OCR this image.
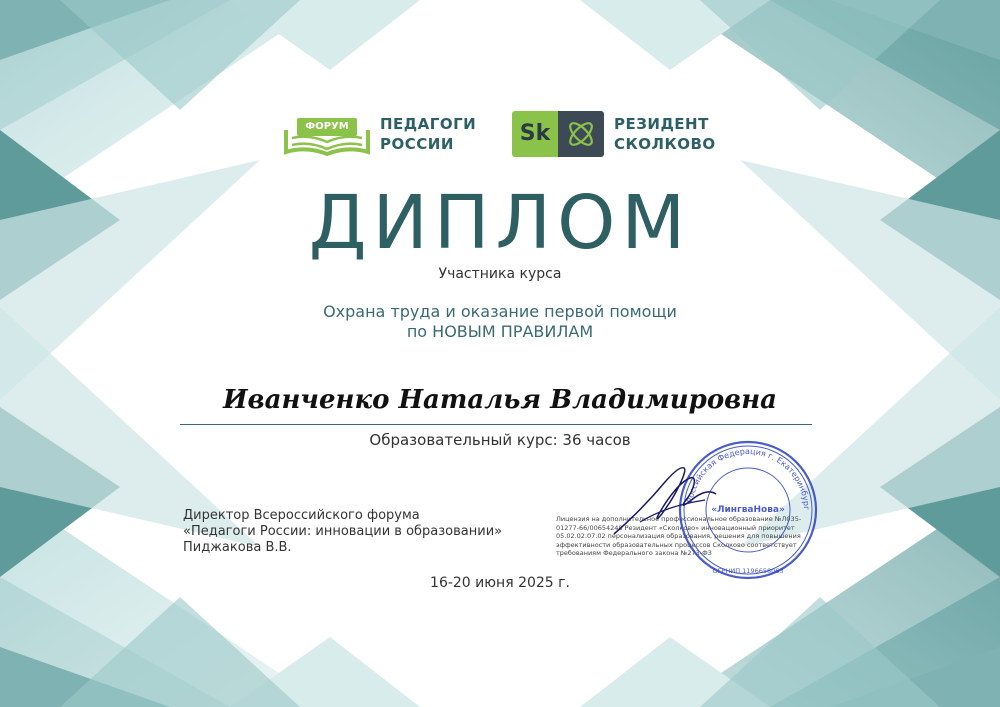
ФОРУМ	ПЕДАГОГИ
РОССИИ	Sk	РЕЗИДЕНТ
СКОЛКОВО
ДИПЛОМ
Участника курса
Охрана труда и оказание первой помощи
по НОВЫМ ПРАВИЛАМ
Иванченко Наталья Владимировна
Образовательный курс: 36 часов
Директор Всероссийского форума
«Педагоги России: инновации в образовании»
Пиджакова В.В.
Лицензия на дополнительное профессиональное образование №Л035-01277-66/00654248 Резидент «Сколково» инновационный приоритет 05.02.02.07.02 персонализация образования, решения для повышения эффективности образовательных процессов Сколково соответствует требованиям Федерального закона №273-ФЗ
Российская Федерация г. Екатеринбург
«ЛингваНова»
ОГРНИП 1196658063
16-20 июня 2025 г.
